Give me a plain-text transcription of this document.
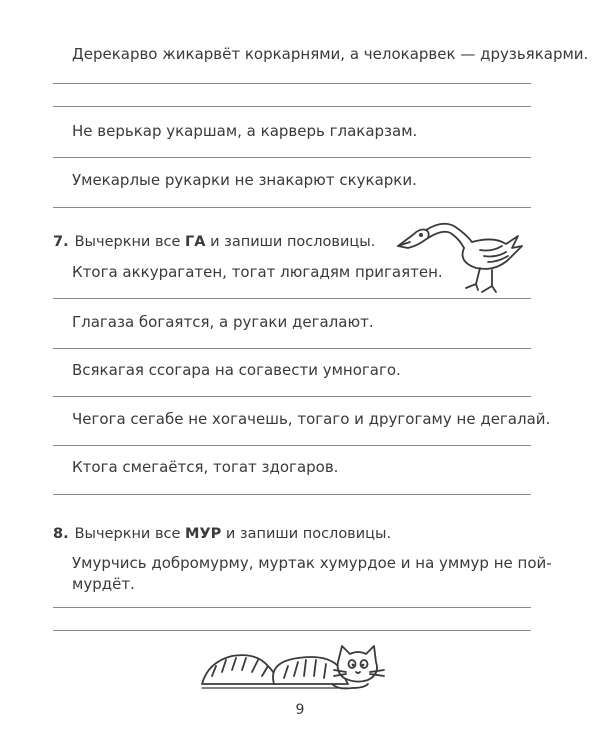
Дерекарво жикарвёт коркарнями, а челокарвек — друзьякарми.
Не верькар укаршам, а карверь глакарзам.
Умекарлые рукарки не знакарют скукарки.
7. Вычеркни все ГА и запиши пословицы.
Ктога аккурагатен, тогат люгадям пригаятен.
Глагаза богаятся, а ругаки дегалают.
Всякагая ссогара на согавести умногаго.
Чегога сегабе не хогачешь, тогаго и другогаму не дегалай.
Ктога смегаётся, тогат здогаров.
8. Вычеркни все МУР и запиши пословицы.
Умурчись добромурму, муртак хумурдое и на уммур не пой-
мурдёт.
9
